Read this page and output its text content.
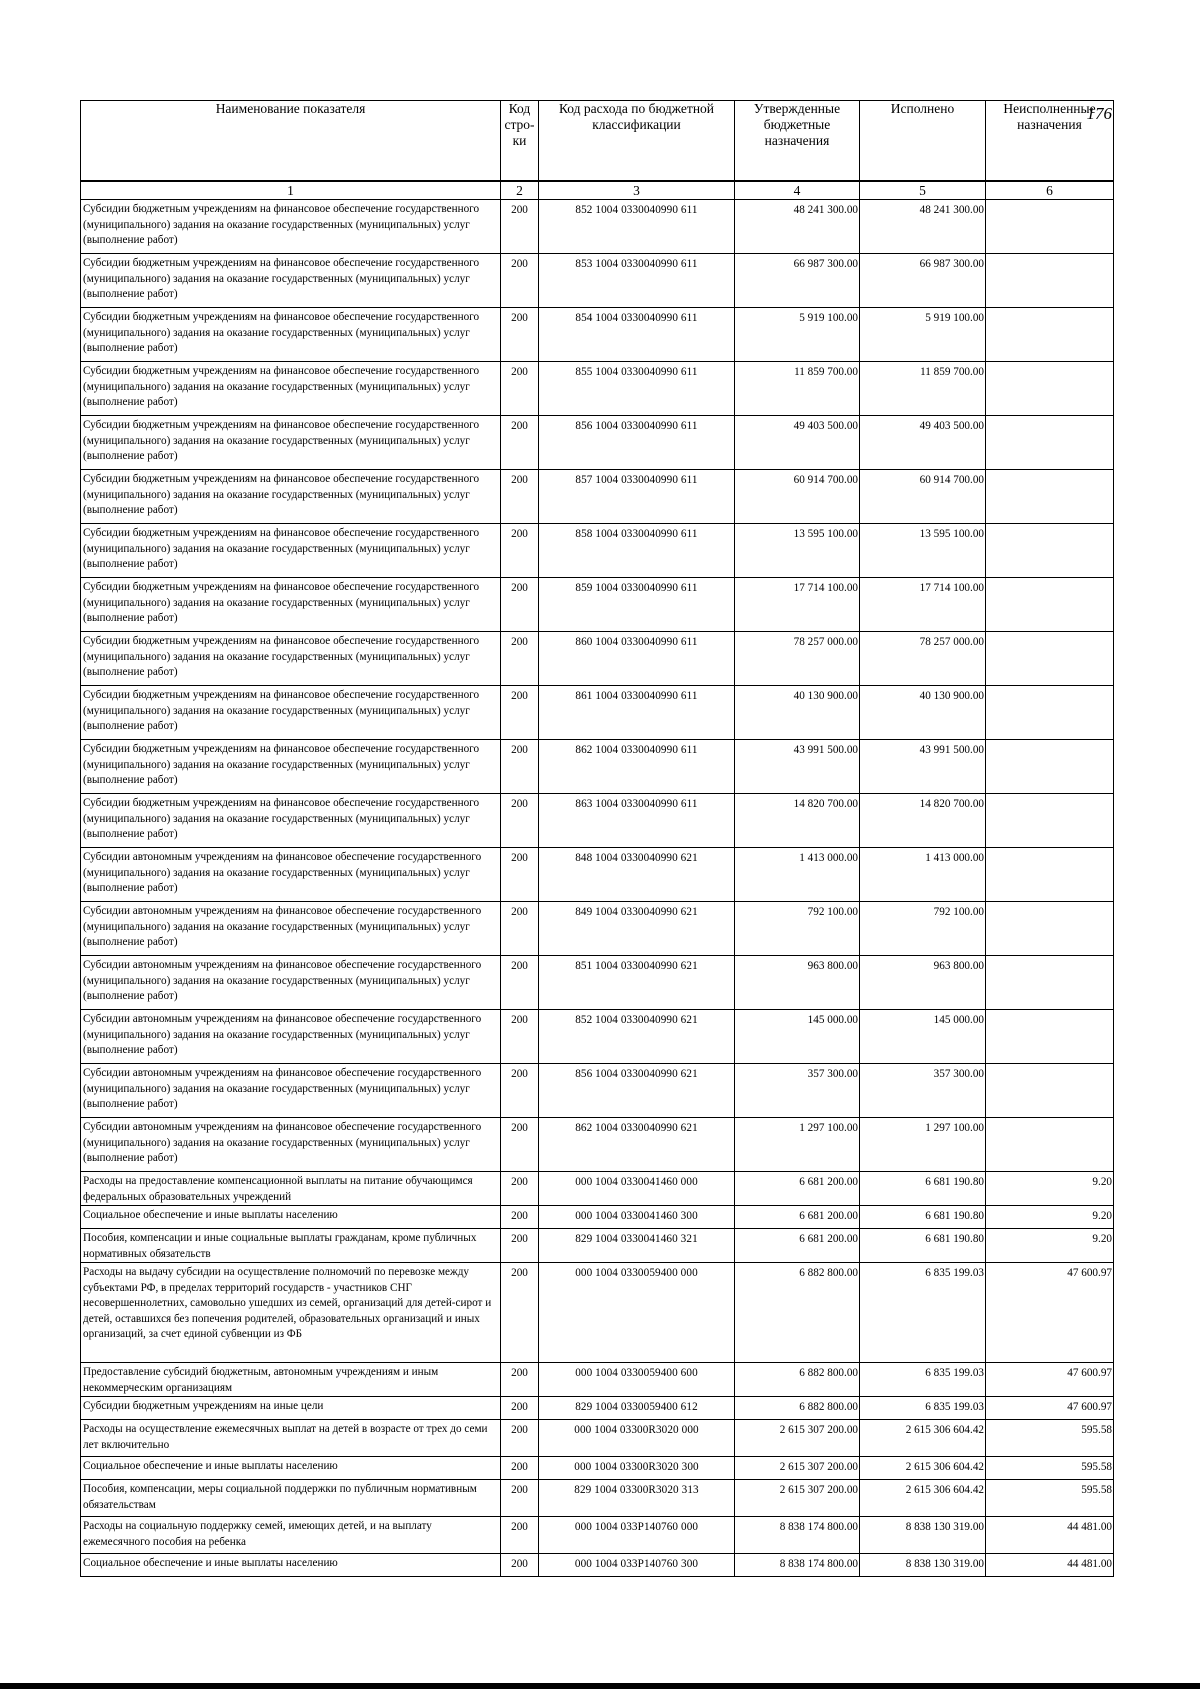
176
Наименование показателя	Код стро-ки	Код расхода по бюджетной классификации	Утвержденные бюджетные назначения	Исполнено	Неисполненные назначения
1	2	3	4	5	6
Субсидии бюджетным учреждениям на финансовое обеспечение государственного (муниципального) задания на оказание государственных (муниципальных) услуг (выполнение работ)	200	852 1004 0330040990 611	48 241 300.00	48 241 300.00	
Субсидии бюджетным учреждениям на финансовое обеспечение государственного (муниципального) задания на оказание государственных (муниципальных) услуг (выполнение работ)	200	853 1004 0330040990 611	66 987 300.00	66 987 300.00	
Субсидии бюджетным учреждениям на финансовое обеспечение государственного (муниципального) задания на оказание государственных (муниципальных) услуг (выполнение работ)	200	854 1004 0330040990 611	5 919 100.00	5 919 100.00	
Субсидии бюджетным учреждениям на финансовое обеспечение государственного (муниципального) задания на оказание государственных (муниципальных) услуг (выполнение работ)	200	855 1004 0330040990 611	11 859 700.00	11 859 700.00	
Субсидии бюджетным учреждениям на финансовое обеспечение государственного (муниципального) задания на оказание государственных (муниципальных) услуг (выполнение работ)	200	856 1004 0330040990 611	49 403 500.00	49 403 500.00	
Субсидии бюджетным учреждениям на финансовое обеспечение государственного (муниципального) задания на оказание государственных (муниципальных) услуг (выполнение работ)	200	857 1004 0330040990 611	60 914 700.00	60 914 700.00	
Субсидии бюджетным учреждениям на финансовое обеспечение государственного (муниципального) задания на оказание государственных (муниципальных) услуг (выполнение работ)	200	858 1004 0330040990 611	13 595 100.00	13 595 100.00	
Субсидии бюджетным учреждениям на финансовое обеспечение государственного (муниципального) задания на оказание государственных (муниципальных) услуг (выполнение работ)	200	859 1004 0330040990 611	17 714 100.00	17 714 100.00	
Субсидии бюджетным учреждениям на финансовое обеспечение государственного (муниципального) задания на оказание государственных (муниципальных) услуг (выполнение работ)	200	860 1004 0330040990 611	78 257 000.00	78 257 000.00	
Субсидии бюджетным учреждениям на финансовое обеспечение государственного (муниципального) задания на оказание государственных (муниципальных) услуг (выполнение работ)	200	861 1004 0330040990 611	40 130 900.00	40 130 900.00	
Субсидии бюджетным учреждениям на финансовое обеспечение государственного (муниципального) задания на оказание государственных (муниципальных) услуг (выполнение работ)	200	862 1004 0330040990 611	43 991 500.00	43 991 500.00	
Субсидии бюджетным учреждениям на финансовое обеспечение государственного (муниципального) задания на оказание государственных (муниципальных) услуг (выполнение работ)	200	863 1004 0330040990 611	14 820 700.00	14 820 700.00	
Субсидии автономным учреждениям на финансовое обеспечение государственного (муниципального) задания на оказание государственных (муниципальных) услуг (выполнение работ)	200	848 1004 0330040990 621	1 413 000.00	1 413 000.00	
Субсидии автономным учреждениям на финансовое обеспечение государственного (муниципального) задания на оказание государственных (муниципальных) услуг (выполнение работ)	200	849 1004 0330040990 621	792 100.00	792 100.00	
Субсидии автономным учреждениям на финансовое обеспечение государственного (муниципального) задания на оказание государственных (муниципальных) услуг (выполнение работ)	200	851 1004 0330040990 621	963 800.00	963 800.00	
Субсидии автономным учреждениям на финансовое обеспечение государственного (муниципального) задания на оказание государственных (муниципальных) услуг (выполнение работ)	200	852 1004 0330040990 621	145 000.00	145 000.00	
Субсидии автономным учреждениям на финансовое обеспечение государственного (муниципального) задания на оказание государственных (муниципальных) услуг (выполнение работ)	200	856 1004 0330040990 621	357 300.00	357 300.00	
Субсидии автономным учреждениям на финансовое обеспечение государственного (муниципального) задания на оказание государственных (муниципальных) услуг (выполнение работ)	200	862 1004 0330040990 621	1 297 100.00	1 297 100.00	
Расходы на предоставление компенсационной выплаты на питание обучающимся федеральных образовательных учреждений	200	000 1004 0330041460 000	6 681 200.00	6 681 190.80	9.20
Социальное обеспечение и иные выплаты населению	200	000 1004 0330041460 300	6 681 200.00	6 681 190.80	9.20
Пособия, компенсации и иные социальные выплаты гражданам, кроме публичных нормативных обязательств	200	829 1004 0330041460 321	6 681 200.00	6 681 190.80	9.20
Расходы на выдачу субсидии на осуществление полномочий по перевозке между субъектами РФ, в пределах территорий государств - участников СНГ несовершеннолетних, самовольно ушедших из семей, организаций для детей-сирот и детей, оставшихся без попечения родителей, образовательных организаций и иных организаций, за счет единой субвенции из ФБ	200	000 1004 0330059400 000	6 882 800.00	6 835 199.03	47 600.97
Предоставление субсидий бюджетным, автономным учреждениям и иным некоммерческим организациям	200	000 1004 0330059400 600	6 882 800.00	6 835 199.03	47 600.97
Субсидии бюджетным учреждениям на иные цели	200	829 1004 0330059400 612	6 882 800.00	6 835 199.03	47 600.97
Расходы на осуществление ежемесячных выплат на детей в возрасте от трех до семи лет включительно	200	000 1004 03300R3020 000	2 615 307 200.00	2 615 306 604.42	595.58
Социальное обеспечение и иные выплаты населению	200	000 1004 03300R3020 300	2 615 307 200.00	2 615 306 604.42	595.58
Пособия, компенсации, меры социальной поддержки по публичным нормативным обязательствам	200	829 1004 03300R3020 313	2 615 307 200.00	2 615 306 604.42	595.58
Расходы на социальную поддержку семей, имеющих детей, и на выплату ежемесячного пособия на ребенка	200	000 1004 033P140760 000	8 838 174 800.00	8 838 130 319.00	44 481.00
Социальное обеспечение и иные выплаты населению	200	000 1004 033P140760 300	8 838 174 800.00	8 838 130 319.00	44 481.00
